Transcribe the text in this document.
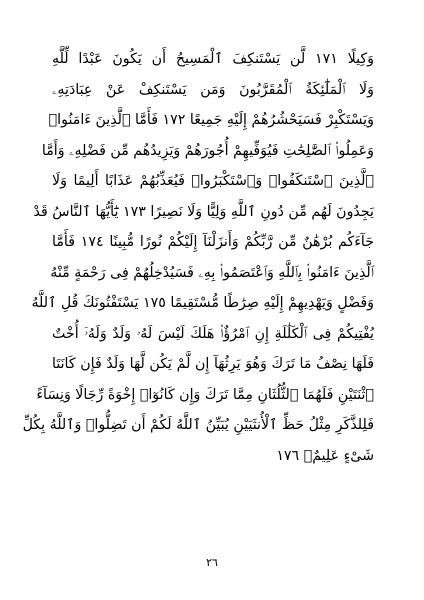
وَكِيلًا ١٧١ لَّن يَسْتَنكِفَ ٱلْمَسِيحُ أَن يَكُونَ عَبْدًا لِّلَّهِ
وَلَا ٱلْمَلَٰٓئِكَةُ ٱلْمُقَرَّبُونَ وَمَن يَسْتَنكِفْ عَنْ عِبَادَتِهِۦ
وَيَسْتَكْبِرْ فَسَيَحْشُرُهُمْ إِلَيْهِ جَمِيعًا ١٧٢ فَأَمَّا ٱلَّذِينَ ءَامَنُوا۟
وَعَمِلُوا۟ ٱلصَّٰلِحَٰتِ فَيُوَفِّيهِمْ أُجُورَهُمْ وَيَزِيدُهُم مِّن فَضْلِهِۦ وَأَمَّا
ٱلَّذِينَ ٱسْتَنكَفُوا۟ وَٱسْتَكْبَرُوا۟ فَيُعَذِّبُهُمْ عَذَابًا أَلِيمًا وَلَا
يَجِدُونَ لَهُم مِّن دُونِ ٱللَّهِ وَلِيًّا وَلَا نَصِيرًا ١٧٣ يَٰٓأَيُّهَا ٱلنَّاسُ قَدْ
جَآءَكُم بُرْهَٰنٌ مِّن رَّبِّكُمْ وَأَنزَلْنَآ إِلَيْكُمْ نُورًا مُّبِينًا ١٧٤ فَأَمَّا
ٱلَّذِينَ ءَامَنُوا۟ بِٱللَّهِ وَٱعْتَصَمُوا۟ بِهِۦ فَسَيُدْخِلُهُمْ فِى رَحْمَةٍ مِّنْهُ
وَفَضْلٍ وَيَهْدِيهِمْ إِلَيْهِ صِرَٰطًا مُّسْتَقِيمًا ١٧٥ يَسْتَفْتُونَكَ قُلِ ٱللَّهُ
يُفْتِيكُمْ فِى ٱلْكَلَٰلَةِ إِنِ ٱمْرُؤٌا۟ هَلَكَ لَيْسَ لَهُۥ وَلَدٌ وَلَهُۥٓ أُخْتٌ
فَلَهَا نِصْفُ مَا تَرَكَ وَهُوَ يَرِثُهَآ إِن لَّمْ يَكُن لَّهَا وَلَدٌ فَإِن كَانَتَا
ٱثْنَتَيْنِ فَلَهُمَا ٱلثُّلُثَانِ مِمَّا تَرَكَ وَإِن كَانُوٓا۟ إِخْوَةً رِّجَالًا وَنِسَآءً
فَلِلذَّكَرِ مِثْلُ حَظِّ ٱلْأُنثَيَيْنِ يُبَيِّنُ ٱللَّهُ لَكُمْ أَن تَضِلُّوا۟ وَٱللَّهُ بِكُلِّ
شَىْءٍ عَلِيمٌۢ ١٧٦
٢٦
